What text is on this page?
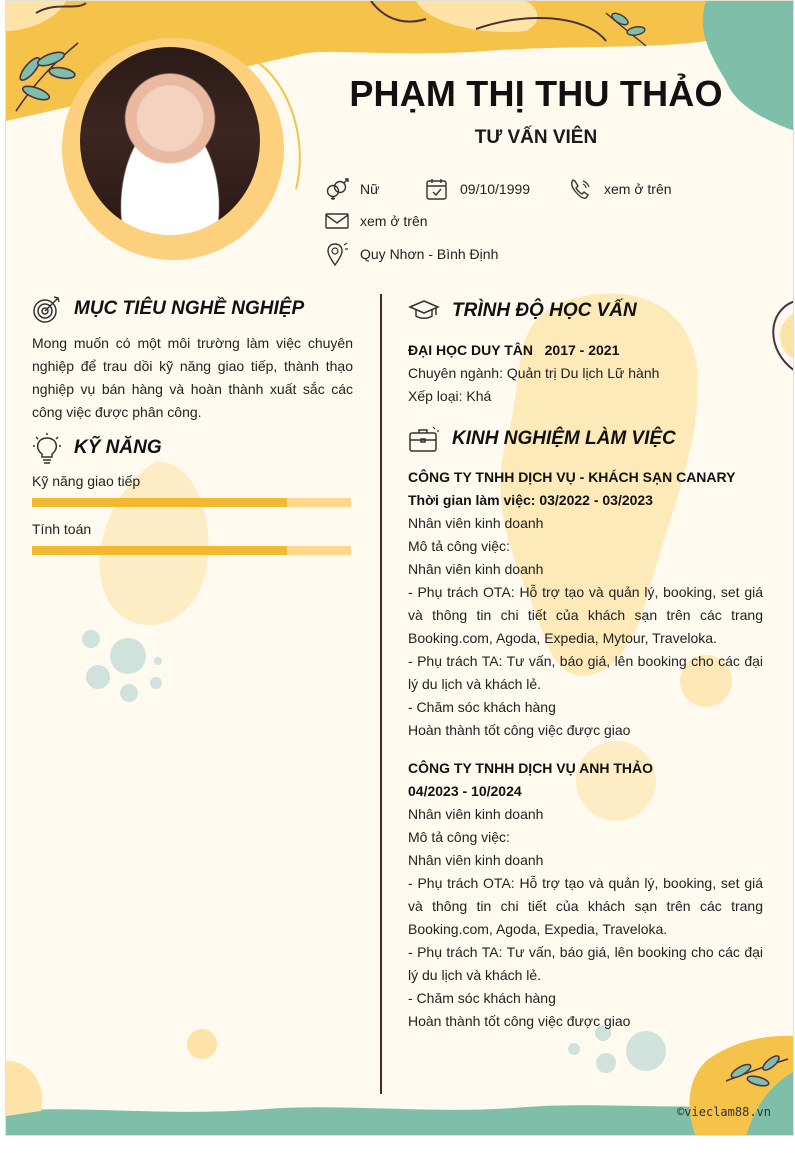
PHẠM THỊ THU THẢO
TƯ VẤN VIÊN
Nữ	09/10/1999	xem ở trên
xem ở trên
Quy Nhơn - Bình Định
MỤC TIÊU NGHỀ NGHIỆP
Mong muốn có một môi trường làm việc chuyên nghiệp để trau dồi kỹ năng giao tiếp, thành thạo nghiệp vụ bán hàng và hoàn thành xuất sắc các công việc được phân công.
KỸ NĂNG
Kỹ năng giao tiếp
Tính toán
TRÌNH ĐỘ HỌC VẤN
ĐẠI HỌC DUY TÂN 2017 - 2021
Chuyên ngành: Quản trị Du lịch Lữ hành
Xếp loại: Khá
KINH NGHIỆM LÀM VIỆC
CÔNG TY TNHH DỊCH VỤ - KHÁCH SẠN CANARY
Thời gian làm việc: 03/2022 - 03/2023
Nhân viên kinh doanh
Mô tả công việc:
Nhân viên kinh doanh
- Phụ trách OTA: Hỗ trợ tạo và quản lý, booking, set giá và thông tin chi tiết của khách sạn trên các trang Booking.com, Agoda, Expedia, Mytour, Traveloka.
- Phụ trách TA: Tư vấn, báo giá, lên booking cho các đại lý du lịch và khách lẻ.
- Chăm sóc khách hàng
Hoàn thành tốt công việc được giao
CÔNG TY TNHH DỊCH VỤ ANH THẢO
04/2023 - 10/2024
Nhân viên kinh doanh
Mô tả công việc:
Nhân viên kinh doanh
- Phụ trách OTA: Hỗ trợ tạo và quản lý, booking, set giá và thông tin chi tiết của khách sạn trên các trang Booking.com, Agoda, Expedia, Traveloka.
- Phụ trách TA: Tư vấn, báo giá, lên booking cho các đại lý du lịch và khách lẻ.
- Chăm sóc khách hàng
Hoàn thành tốt công việc được giao
©vieclam88.vn
